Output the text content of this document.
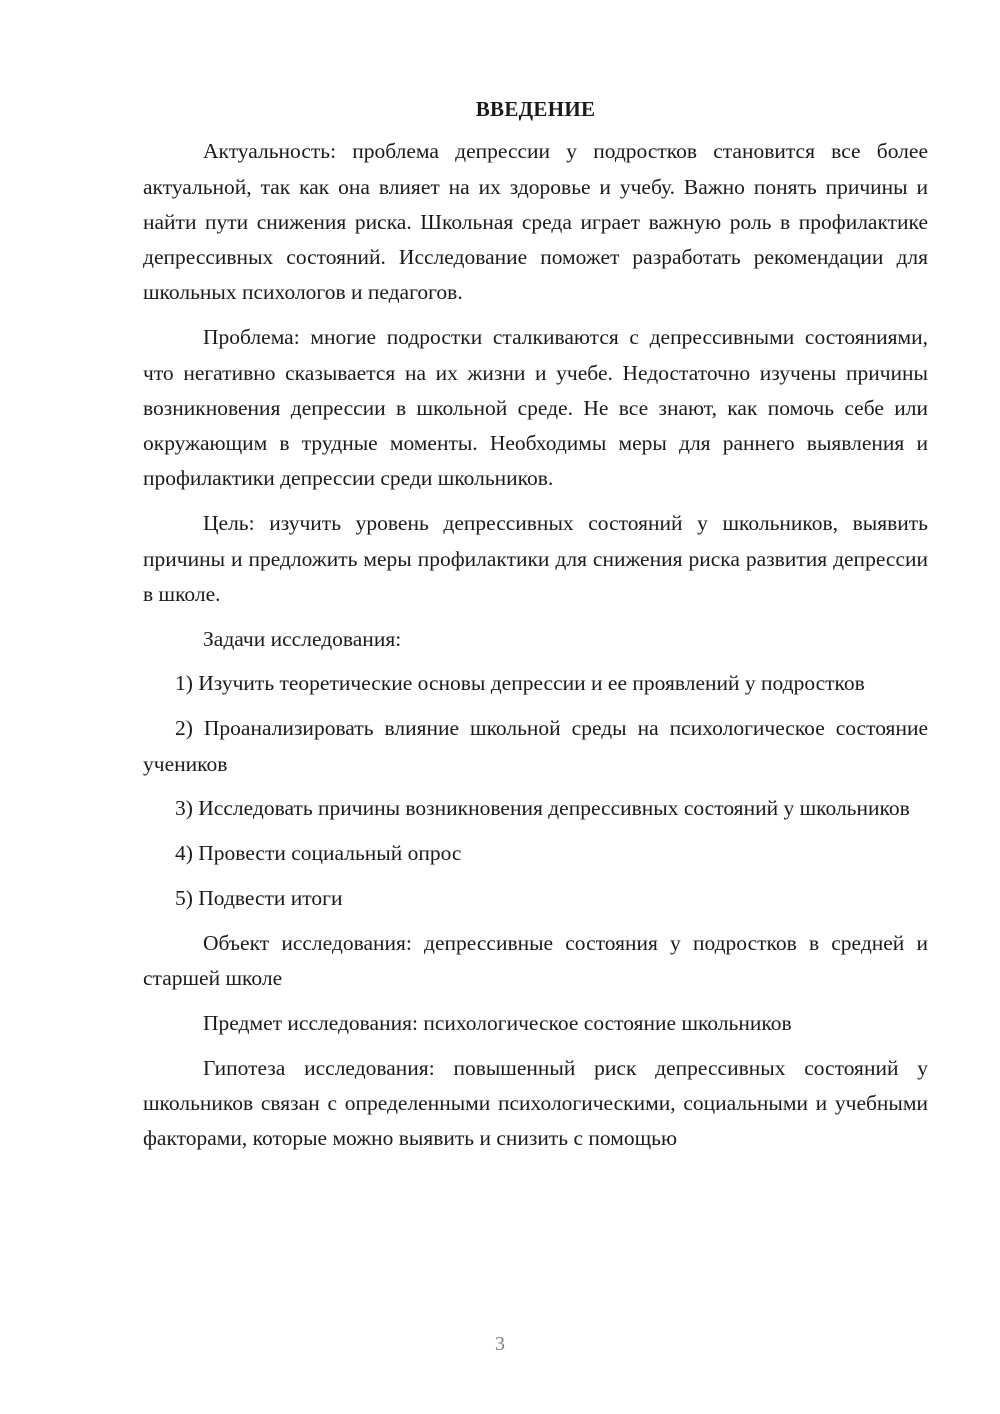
ВВЕДЕНИЕ

Актуальность: проблема депрессии у подростков становится все более актуальной, так как она влияет на их здоровье и учебу. Важно понять причины и найти пути снижения риска. Школьная среда играет важную роль в профилактике депрессивных состояний. Исследование поможет разработать рекомендации для школьных психологов и педагогов.

Проблема: многие подростки сталкиваются с депрессивными состояниями, что негативно сказывается на их жизни и учебе. Недостаточно изучены причины возникновения депрессии в школьной среде. Не все знают, как помочь себе или окружающим в трудные моменты. Необходимы меры для раннего выявления и профилактики депрессии среди школьников.

Цель: изучить уровень депрессивных состояний у школьников, выявить причины и предложить меры профилактики для снижения риска развития депрессии в школе.

Задачи исследования:

1) Изучить теоретические основы депрессии и ее проявлений у подростков

2) Проанализировать влияние школьной среды на психологическое состояние учеников

3) Исследовать причины возникновения депрессивных состояний у школьников

4) Провести социальный опрос

5) Подвести итоги

Объект исследования: депрессивные состояния у подростков в средней и старшей школе

Предмет исследования: психологическое состояние школьников

Гипотеза исследования: повышенный риск депрессивных состояний у школьников связан с определенными психологическими, социальными и учебными факторами, которые можно выявить и снизить с помощью

3
